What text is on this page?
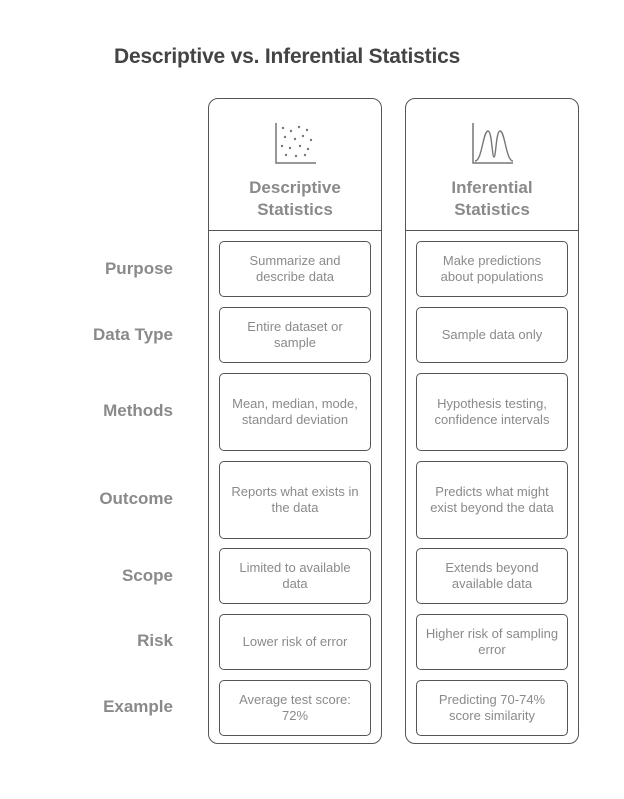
Descriptive vs. Inferential Statistics
Descriptive
Statistics
Summarize and describe data
Entire dataset or sample
Mean, median, mode, standard deviation
Reports what exists in the data
Limited to available data
Lower risk of error
Average test score: 72%
Inferential
Statistics
Make predictions about populations
Sample data only
Hypothesis testing, confidence intervals
Predicts what might exist beyond the data
Extends beyond available data
Higher risk of sampling error
Predicting 70-74% score similarity
Purpose
Data Type
Methods
Outcome
Scope
Risk
Example
